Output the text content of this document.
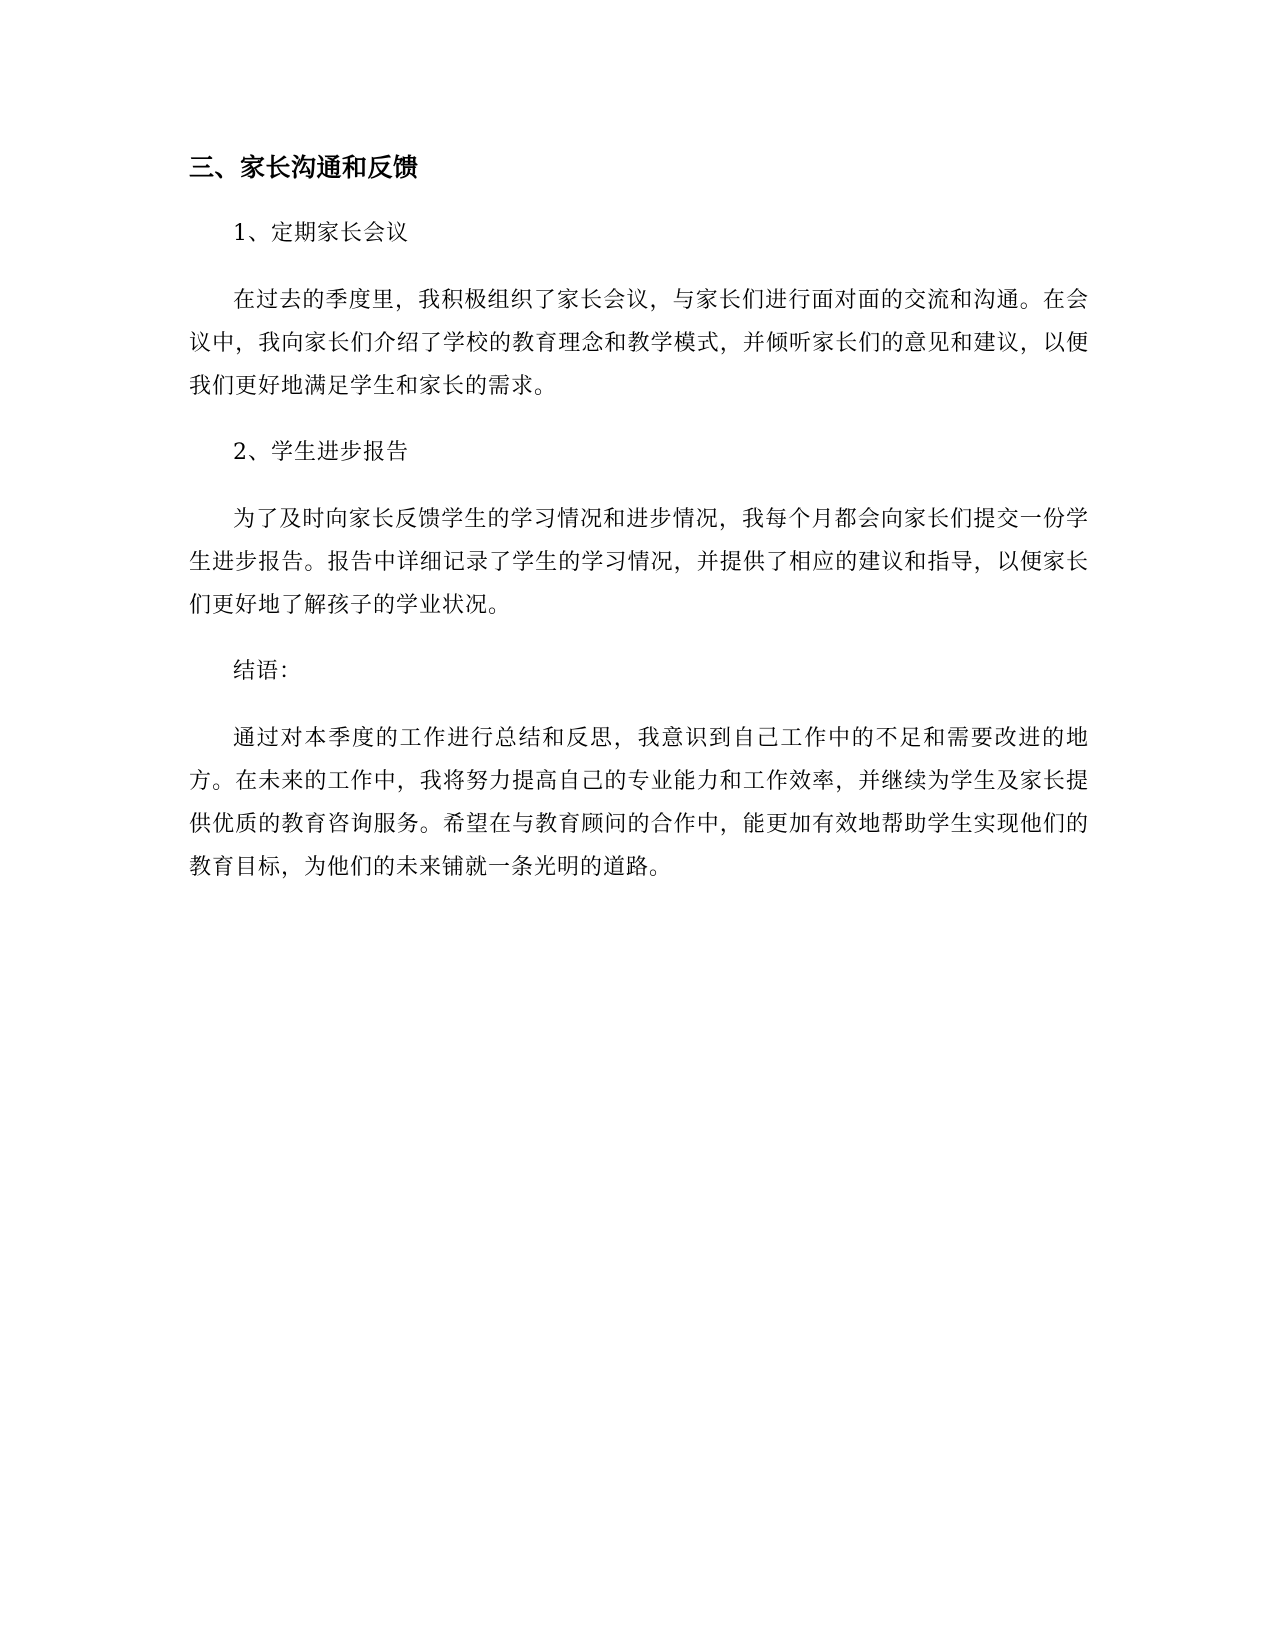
三、家长沟通和反馈

1、定期家长会议

在过去的季度里，我积极组织了家长会议，与家长们进行面对面的交流和沟通。在会议中，我向家长们介绍了学校的教育理念和教学模式，并倾听家长们的意见和建议，以便我们更好地满足学生和家长的需求。

2、学生进步报告

为了及时向家长反馈学生的学习情况和进步情况，我每个月都会向家长们提交一份学生进步报告。报告中详细记录了学生的学习情况，并提供了相应的建议和指导，以便家长们更好地了解孩子的学业状况。

结语：

通过对本季度的工作进行总结和反思，我意识到自己工作中的不足和需要改进的地方。在未来的工作中，我将努力提高自己的专业能力和工作效率，并继续为学生及家长提供优质的教育咨询服务。希望在与教育顾问的合作中，能更加有效地帮助学生实现他们的教育目标，为他们的未来铺就一条光明的道路。
